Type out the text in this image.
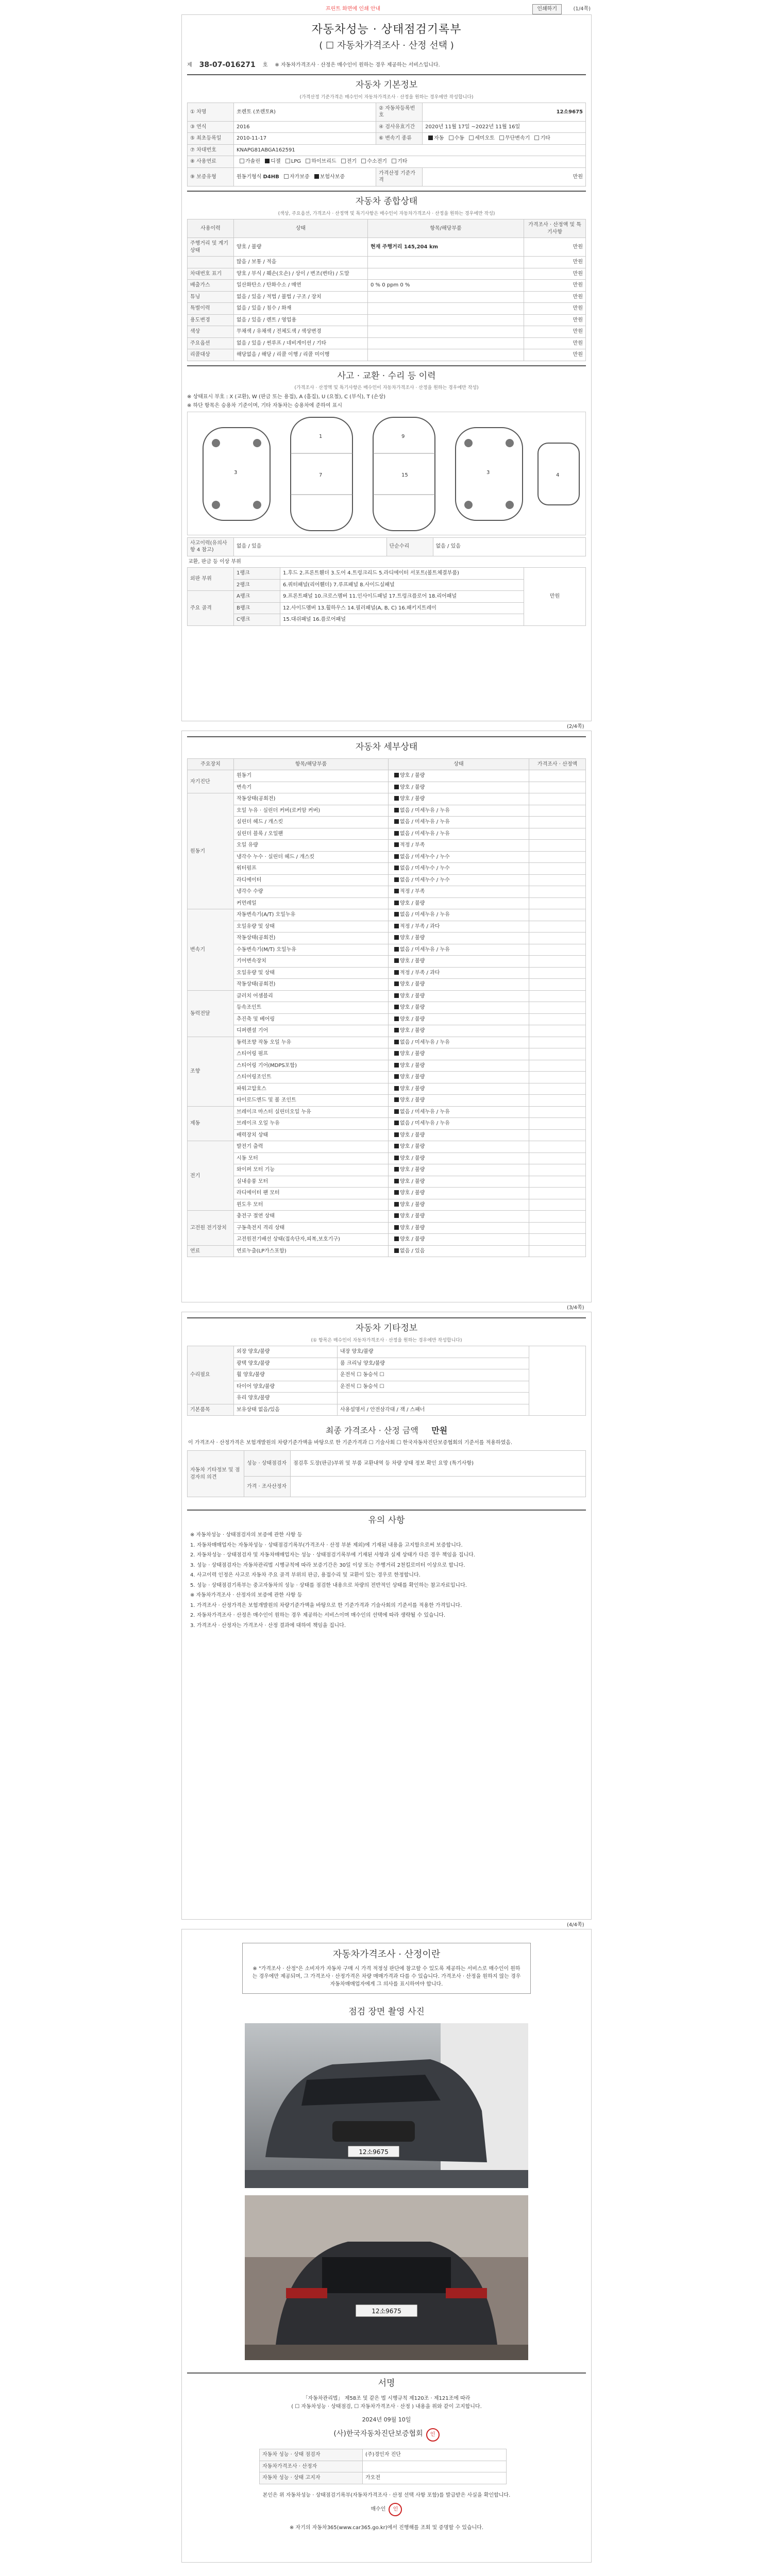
프린트 화면에 인쇄 안내	인쇄하기	(1/4쪽)
자동차성능 · 상태점검기록부
( ☐ 자동차가격조사 · 산정 선택 )
제 38-07-016271 호 ※ 자동차가격조사 · 산정은 매수인이 원하는 경우 제공하는 서비스입니다.
자동차 기본정보
(가격산정 기준가격은 매수인이 자동차가격조사 · 산정을 원하는 경우에만 작성합니다)
① 차명	쏘렌토 (쏘렌토R)	② 자동차등록번호	12소9675
③ 연식	2016	④ 검사유효기간	2020년 11월 17일 ~2022년 11월 16일
⑤ 최초등록일	2010-11-17	⑥ 변속기 종류	자동 수동 세미오토 무단변속기 기타
⑦ 차대번호	KNAPG81ABGA162591		
⑧ 사용연료	가솔린 디젤 LPG 하이브리드 전기 수소전기 기타		
⑨ 보증유형	원동기형식 D4HB 자가보증 보험사보증	가격산정 기준가격	만원
자동차 종합상태
(색상, 주요옵션, 가격조사 · 산정액 및 특기사항은 매수인이 자동차가격조사 · 산정을 원하는 경우에만 작성)
사용이력	상태	항목/해당부품	가격조사 · 산정액 및 특기사항
주행거리 및 계기상태	양호 / 불량	현재 주행거리 145,204 km	만원
	많음 / 보통 / 적음		만원
차대번호 표기	양호 / 부식 / 훼손(오손) / 상이 / 변조(변타) / 도말		만원
배출가스	일산화탄소 / 탄화수소 / 매연	0 % 0 ppm 0 %	만원
튜닝	없음 / 있음 / 적법 / 불법 / 구조 / 장치		만원
특별이력	없음 / 있음 / 침수 / 화재		만원
용도변경	없음 / 있음 / 렌트 / 영업용		만원
색상	무채색 / 유채색 / 전체도색 / 색상변경		만원
주요옵션	없음 / 있음 / 썬루프 / 네비게이션 / 기타		만원
리콜대상	해당없음 / 해당 / 리콜 이행 / 리콜 미이행		만원
사고 · 교환 · 수리 등 이력
(가격조사 · 산정액 및 특기사항은 매수인이 자동차가격조사 · 산정을 원하는 경우에만 작성)
※ 상태표시 부호 : X (교환), W (판금 또는 용접), A (흠집), U (요철), C (부식), T (손상)
※ 하단 항목은 승용차 기준이며, 기타 자동차는 승용차에 준하여 표시
3
1
7
9
15	3	4
사고이력(유의사항 4 참고)	없음 / 있음	단순수리	없음 / 있음
교환, 판금 등 이상 부위
외판 부위	1랭크	1.후드 2.프론트휀더 3.도어 4.트렁크리드 5.라디에이터 서포트(볼트체결부품)	만원
	2랭크	6.쿼터패널(리어휀더) 7.루프패널 8.사이드실패널	
주요 골격	A랭크	9.프론트패널 10.크로스멤버 11.인사이드패널 17.트렁크플로어 18.리어패널	
	B랭크	12.사이드멤버 13.휠하우스 14.필러패널(A, B, C) 16.패키지트레이	
	C랭크	15.대쉬패널 16.플로어패널	
자동차 세부상태
주요장치	항목/해당부품	상태	가격조사 · 산정액
자기진단	원동기	양호 / 불량	
	변속기	양호 / 불량	
원동기	작동상태(공회전)	양호 / 불량	
	오일 누유 · 실린더 커버(로커암 커버)	없음 / 미세누유 / 누유	
	실린더 헤드 / 개스킷	없음 / 미세누유 / 누유	
	실린더 블록 / 오일팬	없음 / 미세누유 / 누유	
	오일 유량	적정 / 부족	
	냉각수 누수 · 실린더 헤드 / 개스킷	없음 / 미세누수 / 누수	
	워터펌프	없음 / 미세누수 / 누수	
	라디에이터	없음 / 미세누수 / 누수	
	냉각수 수량	적정 / 부족	
	커먼레일	양호 / 불량	
변속기	자동변속기(A/T) 오일누유	없음 / 미세누유 / 누유	
	오일유량 및 상태	적정 / 부족 / 과다	
	작동상태(공회전)	양호 / 불량	
	수동변속기(M/T) 오일누유	없음 / 미세누유 / 누유	
	기어변속장치	양호 / 불량	
	오일유량 및 상태	적정 / 부족 / 과다	
	작동상태(공회전)	양호 / 불량	
동력전달	클러치 어셈블리	양호 / 불량	
	등속조인트	양호 / 불량	
	추진축 및 베어링	양호 / 불량	
	디퍼렌셜 기어	양호 / 불량	
조향	동력조향 작동 오일 누유	없음 / 미세누유 / 누유	
	스티어링 펌프	양호 / 불량	
	스티어링 기어(MDPS포함)	양호 / 불량	
	스티어링조인트	양호 / 불량	
	파워고압호스	양호 / 불량	
	타이로드엔드 및 볼 조인트	양호 / 불량	
제동	브레이크 마스터 실린더오일 누유	없음 / 미세누유 / 누유	
	브레이크 오일 누유	없음 / 미세누유 / 누유	
	배력장치 상태	양호 / 불량	
전기	발전기 출력	양호 / 불량	
	시동 모터	양호 / 불량	
	와이퍼 모터 기능	양호 / 불량	
	실내송풍 모터	양호 / 불량	
	라디에이터 팬 모터	양호 / 불량	
	윈도우 모터	양호 / 불량	
고전원 전기장치	충전구 절연 상태	양호 / 불량	
	구동축전지 격리 상태	양호 / 불량	
	고전원전기배선 상태(접속단자,피복,보호기구)	양호 / 불량	
연료	연료누출(LP가스포함)	없음 / 있음	
자동차 기타정보
(① 항목은 매수인이 자동차가격조사 · 산정을 원하는 경우에만 작성합니다)
수리필요	외장 양호/불량	내장 양호/불량	
	광택 양호/불량	룸 크리닝 양호/불량	
	휠 양호/불량	운전석 ☐ 동승석 ☐	
	타이어 양호/불량	운전석 ☐ 동승석 ☐	
	유리 양호/불량		
기본품목	보유상태 없음/있음	사용설명서 / 안전삼각대 / 잭 / 스패너	
최종 가격조사 · 산정 금액 만원
이 가격조사 · 산정가격은 보험개발원의 차량기준가액을 바탕으로 한 기준가격과 ☐ 기술사회 ☐ 한국자동차진단보증협회의 기준서를 적용하였음.
자동차 기타정보 및 점검자의 의견	성능 · 상태점검자	점검후 도장(판금)부위 및 부품 교환내역 등 차량 상태 정보 확인 요망 (특기사항)
	가격 · 조사산정자	
유의 사항

※ 자동차성능 · 상태점검자의 보증에 관한 사항 등

1. 자동차매매업자는 자동차성능 · 상태점검기록부(가격조사 · 산정 부분 제외)에 기재된 내용을 고지함으로써 보증합니다.

2. 자동차성능 · 상태점검자 및 자동차매매업자는 성능 · 상태점검기록부에 기재된 사항과 실제 상태가 다른 경우 책임을 집니다.

3. 성능 · 상태점검자는 자동차관리법 시행규칙에 따라 보증기간은 30일 이상 또는 주행거리 2천킬로미터 이상으로 합니다.

4. 사고이력 인정은 사고로 자동차 주요 골격 부위의 판금, 용접수리 및 교환이 있는 경우로 한정합니다.

5. 성능 · 상태점검기록부는 중고자동차의 성능 · 상태를 점검한 내용으로 차량의 전반적인 상태를 확인하는 참고자료입니다.

※ 자동차가격조사 · 산정자의 보증에 관한 사항 등

1. 가격조사 · 산정가격은 보험개발원의 차량기준가액을 바탕으로 한 기준가격과 기술사회의 기준서를 적용한 가격입니다.

2. 자동차가격조사 · 산정은 매수인이 원하는 경우 제공하는 서비스이며 매수인의 선택에 따라 생략될 수 있습니다.

3. 가격조사 · 산정자는 가격조사 · 산정 결과에 대하여 책임을 집니다.

자동차가격조사 · 산정이란
※ "가격조사 · 산정"은 소비자가 자동차 구매 시 가격 적정성 판단에 참고할 수 있도록 제공하는 서비스로 매수인이 원하는 경우에만 제공되며, 그 가격조사 · 산정가격은 차량 매매가격과 다를 수 있습니다. 가격조사 · 산정을 원하지 않는 경우 자동차매매업자에게 그 의사를 표시하여야 합니다.
점검 장면 촬영 사진
12소9675
12소9675
서명
「자동차관리법」 제58조 및 같은 법 시행규칙 제120조 · 제121조에 따라
( ☐ 자동차성능 · 상태점검, ☐ 자동차가격조사 · 산정 ) 내용을 위와 같이 고지합니다.
2024년 09월 10일
(사)한국자동차진단보증협회 인
자동차 성능 · 상태 점검자	(주)경인자 진단
자동차가격조사 · 산정자	
자동차 성능 · 상태 고지자	가오전
본인은 위 자동차성능 · 상태점검기록부(자동차가격조사 · 산정 선택 사항 포함)를 발급받은 사실을 확인합니다.
매수인 인
※ 자기의 자동차365(www.car365.go.kr)에서 진행해를 조회 및 증명할 수 있습니다.
(2/4쪽)
(3/4쪽)
(4/4쪽)
